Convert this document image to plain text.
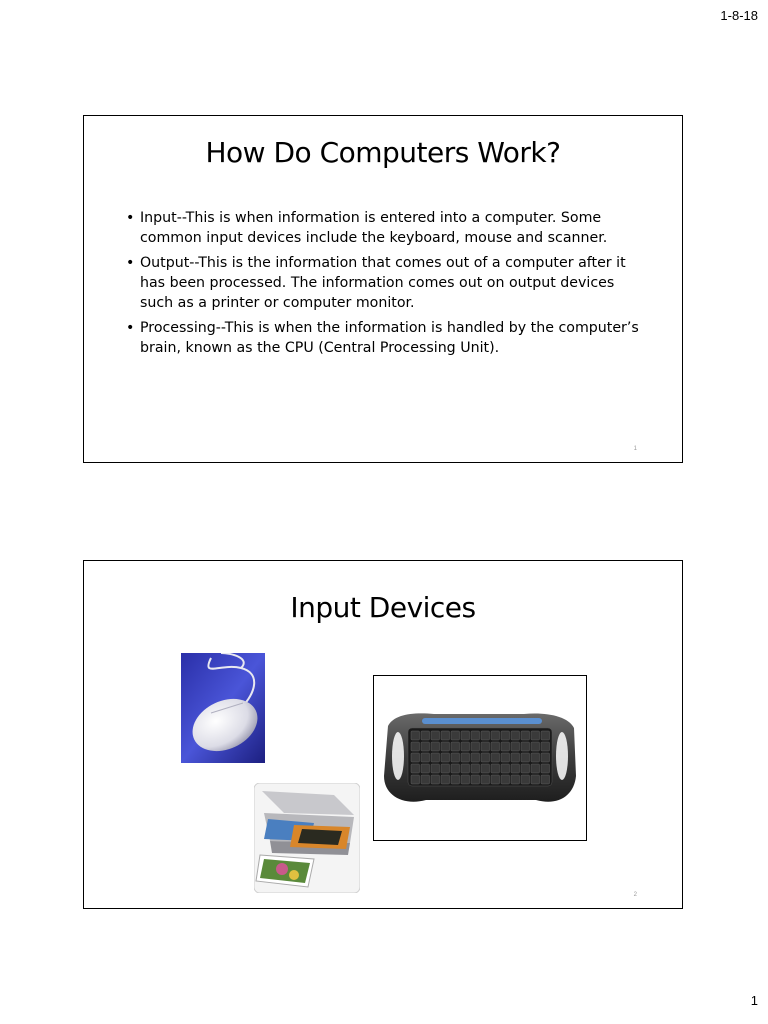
1-8-18
How Do Computers Work?
• Input--This is when information is entered into a computer. Some common input devices include the keyboard, mouse and scanner.
• Output--This is the information that comes out of a computer after it has been processed. The information comes out on output devices such as a printer or computer monitor.
• Processing--This is when the information is handled by the computer’s brain, known as the CPU (Central Processing Unit).
1
Input Devices
2
1
